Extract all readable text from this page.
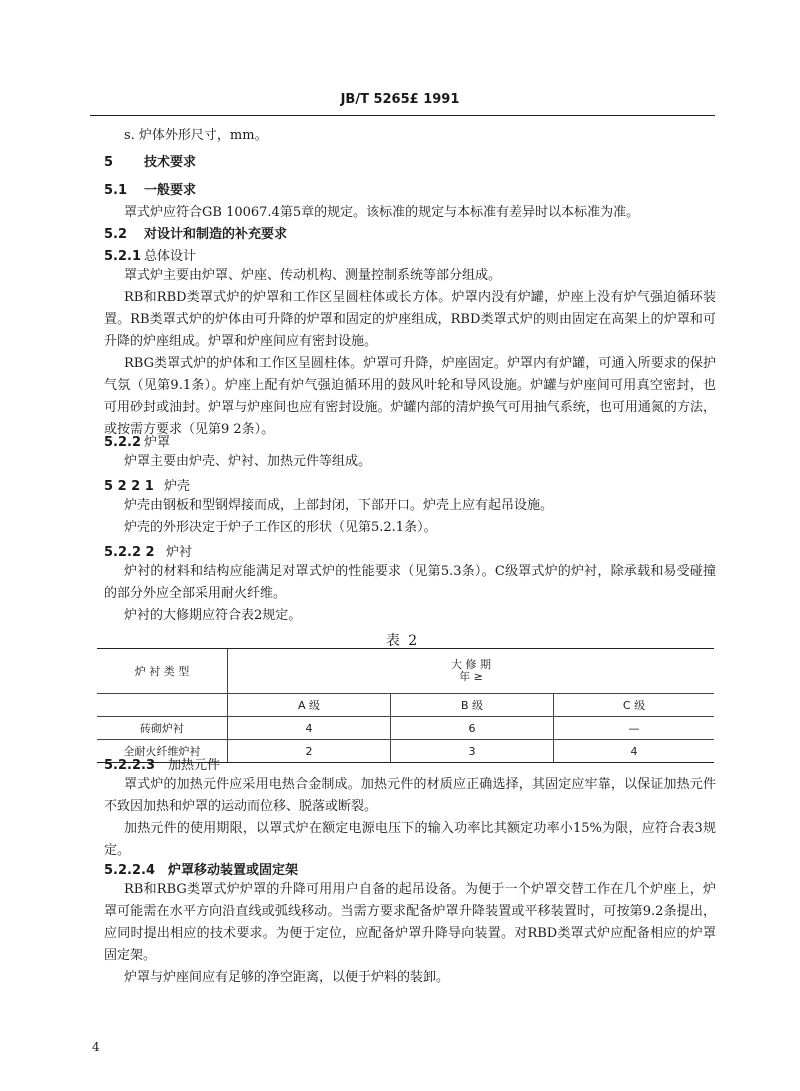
JB/T 5265£ 1991
s. 炉体外形尺寸，mm。
5 技术要求
5.1 一般要求
罩式炉应符合GB 10067.4第5章的规定。该标准的规定与本标准有差异时以本标准为准。
5.2 对设计和制造的补充要求
5.2.1 总体设计
罩式炉主要由炉罩、炉座、传动机构、测量控制系统等部分组成。
RB和RBD类罩式炉的炉罩和工作区呈圆柱体或长方体。炉罩内没有炉罐，炉座上没有炉气强迫循环装置。RB类罩式炉的炉体由可升降的炉罩和固定的炉座组成，RBD类罩式炉的则由固定在高架上的炉罩和可升降的炉座组成。炉罩和炉座间应有密封设施。
RBG类罩式炉的炉体和工作区呈圆柱体。炉罩可升降，炉座固定。炉罩内有炉罐，可通入所要求的保护气氛（见第9.1条）。炉座上配有炉气强迫循环用的鼓风叶轮和导风设施。炉罐与炉座间可用真空密封，也可用砂封或油封。炉罩与炉座间也应有密封设施。炉罐内部的清炉换气可用抽气系统，也可用通氮的方法，或按需方要求（见第9 2条）。
5.2.2 炉罩
炉罩主要由炉壳、炉衬、加热元件等组成。
5 2 2 1 炉壳
炉壳由钢板和型钢焊接而成，上部封闭，下部开口。炉壳上应有起吊设施。
炉壳的外形决定于炉子工作区的形状（见第5.2.1条）。
5.2.2 2 炉衬
炉衬的材料和结构应能满足对罩式炉的性能要求（见第5.3条）。C级罩式炉的炉衬，除承载和易受碰撞的部分外应全部采用耐火纤维。
炉衬的大修期应符合表2规定。
表 2
炉 衬 类 型	大 修 期		

	年 ≥		
	A 级	B 级	C 级
砖砌炉衬	4	6	—
全耐火纤维炉衬	2	3	4
5.2.2.3 加热元件
罩式炉的加热元件应采用电热合金制成。加热元件的材质应正确选择，其固定应牢靠，以保证加热元件不致因加热和炉罩的运动而位移、脱落或断裂。
加热元件的使用期限，以罩式炉在额定电源电压下的输入功率比其额定功率小15%为限，应符合表3规定。
5.2.2.4 炉罩移动装置或固定架
RB和RBG类罩式炉炉罩的升降可用用户自备的起吊设备。为便于一个炉罩交替工作在几个炉座上，炉罩可能需在水平方向沿直线或弧线移动。当需方要求配备炉罩升降装置或平移装置时，可按第9.2条提出，应同时提出相应的技术要求。为便于定位，应配备炉罩升降导向装置。对RBD类罩式炉应配备相应的炉罩固定架。
炉罩与炉座间应有足够的净空距离，以便于炉料的装卸。
4
